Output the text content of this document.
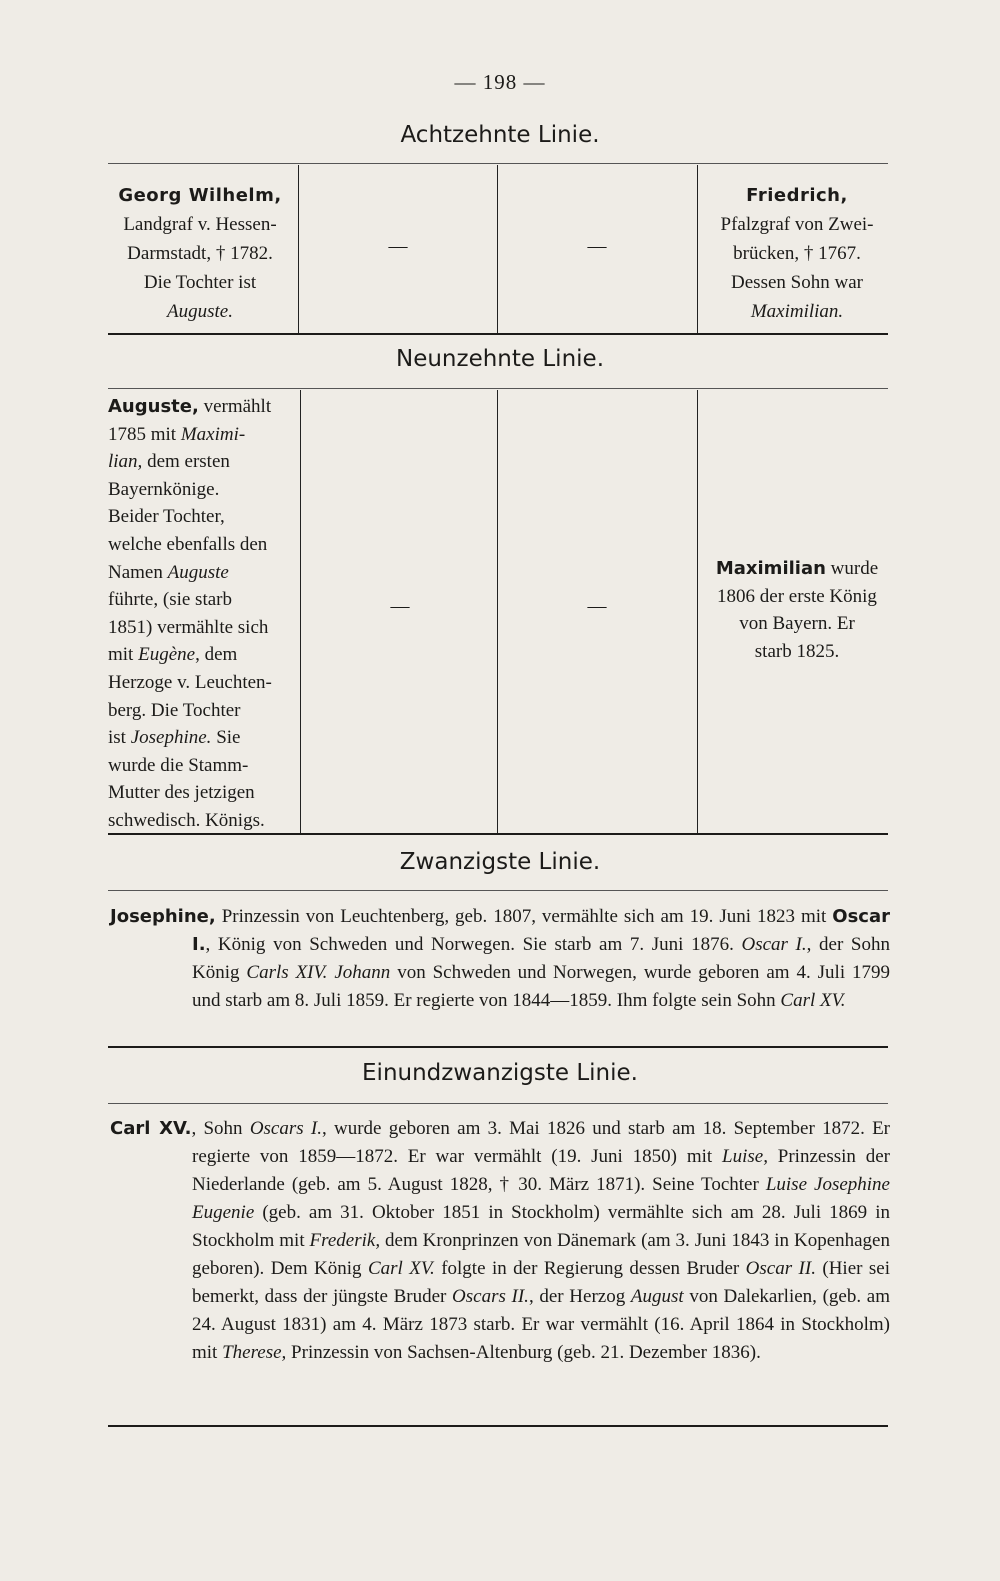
— 198 —
Achtzehnte Linie.
Georg Wilhelm,
Landgraf v. Hessen-
Darmstadt, † 1782.
Die Tochter ist
Auguste.
—	—
Friedrich,
Pfalzgraf von Zwei-
brücken, † 1767.
Dessen Sohn war
Maximilian.
Neunzehnte Linie.
Auguste, vermählt
1785 mit Maximi-
lian, dem ersten
Bayernkönige.
Beider Tochter,
welche ebenfalls den
Namen Auguste
führte, (sie starb
1851) vermählte sich
mit Eugène, dem
Herzoge v. Leuchten-
berg. Die Tochter
ist Josephine. Sie
wurde die Stamm-
Mutter des jetzigen
schwedisch. Königs.
—	—
Maximilian wurde
1806 der erste König
von Bayern. Er
starb 1825.
Zwanzigste Linie.
Josephine, Prinzessin von Leuchtenberg, geb. 1807, vermählte sich am 19. Juni 1823 mit Oscar I., König von Schweden und Norwegen. Sie starb am 7. Juni 1876. Oscar I., der Sohn König Carls XIV. Johann von Schweden und Norwegen, wurde geboren am 4. Juli 1799 und starb am 8. Juli 1859. Er regierte von 1844—1859. Ihm folgte sein Sohn Carl XV.
Einundzwanzigste Linie.
Carl XV., Sohn Oscars I., wurde geboren am 3. Mai 1826 und starb am 18. September 1872. Er regierte von 1859—1872. Er war vermählt (19. Juni 1850) mit Luise, Prinzessin der Niederlande (geb. am 5. August 1828, † 30. März 1871). Seine Tochter Luise Josephine Eugenie (geb. am 31. Oktober 1851 in Stockholm) vermählte sich am 28. Juli 1869 in Stockholm mit Frederik, dem Kronprinzen von Dänemark (am 3. Juni 1843 in Kopenhagen geboren). Dem König Carl XV. folgte in der Regierung dessen Bruder Oscar II. (Hier sei bemerkt, dass der jüngste Bruder Oscars II., der Herzog August von Dalekarlien, (geb. am 24. August 1831) am 4. März 1873 starb. Er war vermählt (16. April 1864 in Stockholm) mit Therese, Prinzessin von Sachsen-Altenburg (geb. 21. Dezember 1836).
